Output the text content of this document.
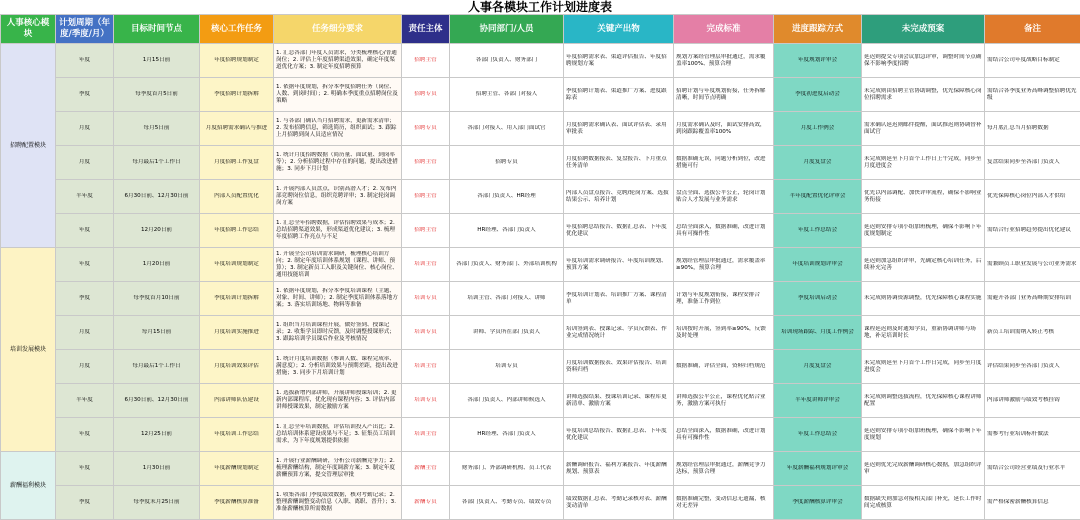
人事各模块工作计划进度表
人事核心模块	计划周期（年度/季度/月）	目标时间节点	核心工作任务	任务细分要求	责任主体	协同部门/人员	关键产出物	完成标准	进度跟踪方式	未完成预案	备注
招聘配置模块	年度	1月15日前	年度招聘规划制定	1. 汇总各部门年度人员需求，分类梳理核心/普通岗位；2. 评估上年度招聘渠道效果，确定年度渠道优化方案；3. 制定年度招聘预算	招聘主管	各部门负责人、财务部门	年度招聘需求表、渠道评估报告、年度招聘规划方案	规划方案经管理层审批通过，需求覆盖率100%、预算合理	年度规划评审会	延迟则提交专项会议加急评审，调整时间节点确保不影响季度招聘	需结合公司年度战略目标制定

	季度	每季度首月5日前	季度招聘计划拆解	1. 依据年度规划，拆分本季度招聘任务（岗位、人数、到岗时间）；2. 明确本季度重点招聘岗位及策略	招聘专员	招聘主管、各部门对接人	季度招聘计划表、渠道推广方案、进度跟踪表	招聘计划与年度规划衔接，任务拆解清晰，时间节点明确	季度初进度启动会	未完成则由招聘主管协助调整，优先保障核心岗位招聘需求	需结合各季度业务高峰调整招聘优先级

	月度	每月5日前	月度招聘需求确认与推进	1. 与各部门确认当月招聘需求，更新需求清单；2. 发布招聘信息，筛选简历，组织面试；3. 跟踪上月招聘到岗人员适应情况	招聘专员	各部门对接人、用人部门面试官	月度招聘需求确认表、面试评估表、录用审批表	月度需求确认及时，面试安排高效，到岗跟踪覆盖率100%	月度工作例会	需求确认延迟则邮件提醒，面试推迟则协调替补面试官	每月底汇总当月招聘数据

	月度	每月最后1个工作日	月度招聘工作复盘	1. 统计月度招聘数据（简历量、面试量、到岗率等）；2. 分析招聘过程中存在的问题，提出改进措施；3. 同步下月计划	招聘主管	招聘专员	月度招聘数据报表、复盘报告、下月重点任务清单	数据准确无误，问题分析到位，改进措施可行	月度复盘会	未完成则延至下月首个工作日上午完成，同步至月度进度会	复盘结果同步至各部门负责人

	半年度	6月30日前、12月30日前	内部人员配置优化	1. 开展内部人员盘点，识别高潜人才；2. 发布内部竞聘岗位信息，组织竞聘评审；3. 制定轮岗调岗方案	招聘主管	各部门负责人、HR经理	内部人员盘点报告、竞聘/轮岗方案、选拔结果公示、培养计划	盘点全面、选拔公平公正，轮岗计划贴合人才发展与业务需求	半年度配置优化评审会	优先以内部调配、加快评审流程，确保不影响业务衔接	优先保障核心岗位内部人才供给

	年度	12月20日前	年度招聘工作总结	1. 汇总全年招聘数据，评估招聘效果与成本；2. 总结招聘渠道效果，形成渠道优化建议；3. 梳理年度招聘工作亮点与不足	招聘主管	HR经理、各部门负责人	年度招聘总结报告、数据汇总表、下年度优化建议	总结全面深入，数据准确，改进计划具有可操作性	年度工作总结会	延迟则安排专项小组加班梳理，确保不影响下年度规划制定	需结合行业招聘趋势提出优化建议

培训发展模块	年度	1月20日前	年度培训规划制定	1. 开展全公司培训需求调研，梳理核心培训方向；2. 制定年度培训体系规划（课程、讲师、预算）；3. 制定新员工入职及关键岗位、核心岗位、通用技能培训	培训主管	各部门负责人、财务部门、外部培训机构	年度培训需求调研报告、年度培训规划、预算方案	规划经管理层审批通过，需求覆盖率≥90%，预算合理	年度培训规划评审会	延迟则加急组织评审，先确定核心培训任务，后续补充完善	需兼顾员工职业发展与公司业务需求

	季度	每季度首月10日前	季度培训计划拆解	1. 依据年度规划，拆分本季度培训课程（主题、对象、时间、讲师）；2. 制定季度培训体系落地方案；3. 落实培训场地、物料等准备	培训专员	培训主管、各部门对接人、讲师	季度培训计划表、培训推广方案、课程清单	计划与年度规划衔接，课程安排合理，准备工作到位	季度培训启动会	未完成则协调资源调整，优先保障核心课程实施	需避开各部门业务高峰期安排培训

	月度	每月15日前	月度培训实施推进	1. 组织当月培训课程开展，做好签到、授课记录；2. 收集学员即时反馈，及时调整授课形式；3. 跟踪培训学员课后作业及考核情况	培训专员	讲师、学员所在部门负责人	培训签到表、授课记录、学员反馈表、作业完成情况统计	培训按时开展，签到率≥90%，反馈及时处理	培训现场跟踪、月度工作例会	课程延迟则及时通知学员，重新协调讲师与场地，补足培训时长	新员工培训需纳入转正考核

	月度	每月最后1个工作日	月度培训效果评估	1. 统计月度培训数据（参训人数、课程完成率、满意度）；2. 分析培训效果与预期差距，提出改进措施；3. 同步下月培训计划	培训主管	培训专员	月度培训数据报表、效果评估报告、培训资料归档	数据准确，评估全面，资料归档规范	月度复盘会	未完成则延至下月首个工作日完成，同步至月度进度会	评估结果同步至各部门负责人

	半年度	6月30日前、12月30日前	内部讲师队伍建设	1. 选拔新增内部讲师，开展讲师授课培训；2. 更新内部课程库，优化现有课程内容；3. 评估内部讲师授课效果，制定激励方案	培训专员	各部门负责人、内部讲师候选人	讲师选拔结果、授课培训记录、课程库更新清单、激励方案	讲师选拔公平公正，课程优化贴合业务，激励方案可执行	半年度讲师评审会	未完成则调整选拔流程，优先保障核心课程讲师配置	内部讲师激励与绩效考核挂钩

	年度	12月25日前	年度培训工作总结	1. 汇总全年培训数据，评估培训投入产出比；2. 总结培训体系建设成果与不足；3. 征集员工培训需求，为下年度规划提供依据	培训主管	HR经理、各部门负责人	年度培训总结报告、数据汇总表、下年度优化建议	总结全面深入，数据准确，改进计划具有可操作性	年度工作总结会	延迟则安排专项小组加班梳理，确保不影响下年度规划	需参考行业培训标杆做法

薪酬福利模块	年度	1月30日前	年度薪酬规划制定	1. 开展行业薪酬调研，分析公司薪酬竞争力；2. 梳理薪酬结构，制定年度调薪方案；3. 制定年度薪酬预算方案，提交管理层审批	薪酬主管	财务部门、外部调研机构、员工代表	薪酬调研报告、福利方案报告、年度薪酬规划、预算表	规划经管理层审批通过，薪酬竞争力达标，预算合理	年度薪酬福利规划评审会	延迟则优先完成薪酬调研核心数据，加急组织评审	需结合公司经营业绩及行业水平

	季度	每季度末月25日前	季度薪酬核算准备	1. 收集各部门季度绩效数据，核对考勤记录；2. 整理薪酬调整变动信息（入职、离职、晋升）；3. 准备薪酬核算所需数据	薪酬专员	各部门负责人、考勤专员、绩效专员	绩效数据汇总表、考勤记录核对表、薪酬变动清单	数据准确完整，变动信息无遗漏，核对无差异	季度薪酬核算评审会	数据缺失则加急对接相关部门补充，延长工作时间完成核算	需严格保密薪酬核算信息
